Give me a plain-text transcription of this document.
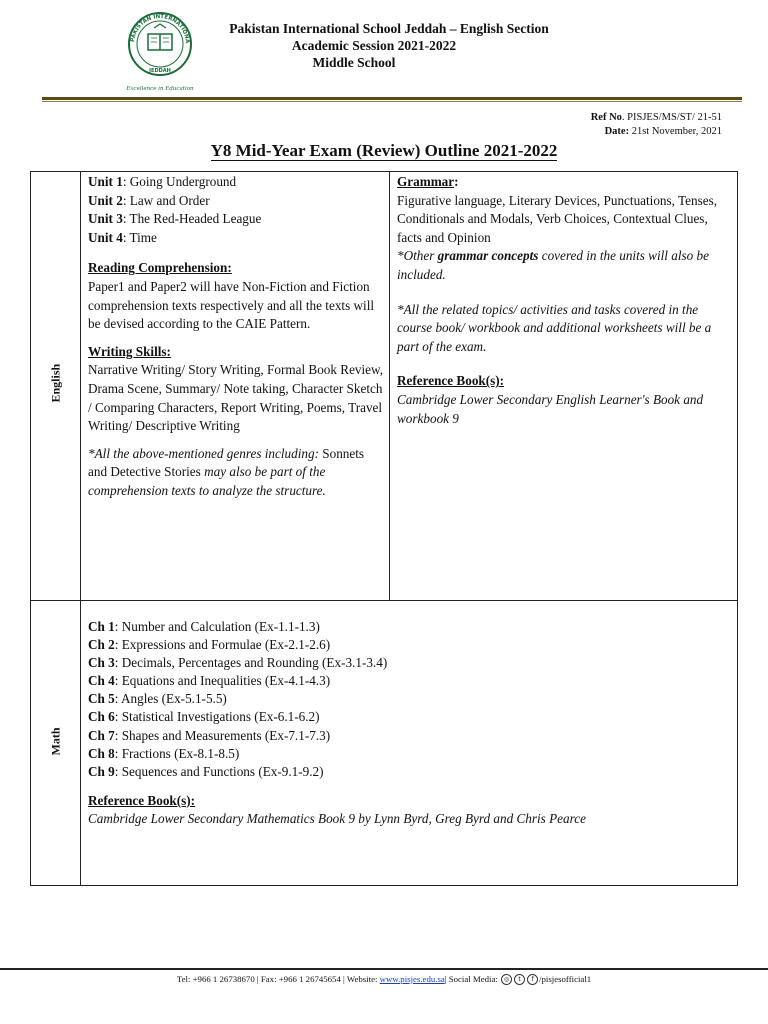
PAKISTAN INTERNATIONA
JEDDAH
Excellence in Education
Pakistan International School Jeddah – English Section
Academic Session 2021-2022
Middle School
Ref No. PISJES/MS/ST/ 21-51
Date: 21st November, 2021
Y8 Mid-Year Exam (Review) Outline 2021-2022
English
Math

Unit 1: Going Underground

Unit 2: Law and Order

Unit 3: The Red-Headed League

Unit 4: Time

Reading Comprehension:

Paper1 and Paper2 will have Non-Fiction and Fiction comprehension texts respectively and all the texts will be devised according to the CAIE Pattern.

Writing Skills:

Narrative Writing/ Story Writing, Formal Book Review, Drama Scene, Summary/ Note taking, Character Sketch / Comparing Characters, Report Writing, Poems, Travel Writing/ Descriptive Writing

*All the above-mentioned genres including: Sonnets and Detective Stories may also be part of the comprehension texts to analyze the structure.

Grammar:

Figurative language, Literary Devices, Punctuations, Tenses, Conditionals and Modals, Verb Choices, Contextual Clues, facts and Opinion

*Other grammar concepts covered in the units will also be included.

*All the related topics/ activities and tasks covered in the course book/ workbook and additional worksheets will be a part of the exam.

Reference Book(s):

Cambridge Lower Secondary English Learner's Book and workbook 9

Ch 1: Number and Calculation (Ex-1.1-1.3)

Ch 2: Expressions and Formulae (Ex-2.1-2.6)

Ch 3: Decimals, Percentages and Rounding (Ex-3.1-3.4)

Ch 4: Equations and Inequalities (Ex-4.1-4.3)

Ch 5: Angles (Ex-5.1-5.5)

Ch 6: Statistical Investigations (Ex-6.1-6.2)

Ch 7: Shapes and Measurements (Ex-7.1-7.3)

Ch 8: Fractions (Ex-8.1-8.5)

Ch 9: Sequences and Functions (Ex-9.1-9.2)

Reference Book(s):

Cambridge Lower Secondary Mathematics Book 9 by Lynn Byrd, Greg Byrd and Chris Pearce

Tel: +966 1 26738670 | Fax: +966 1 26745654 | Website: www.pisjes.edu.sa| Social Media: ◎ t f /pisjesofficial1
